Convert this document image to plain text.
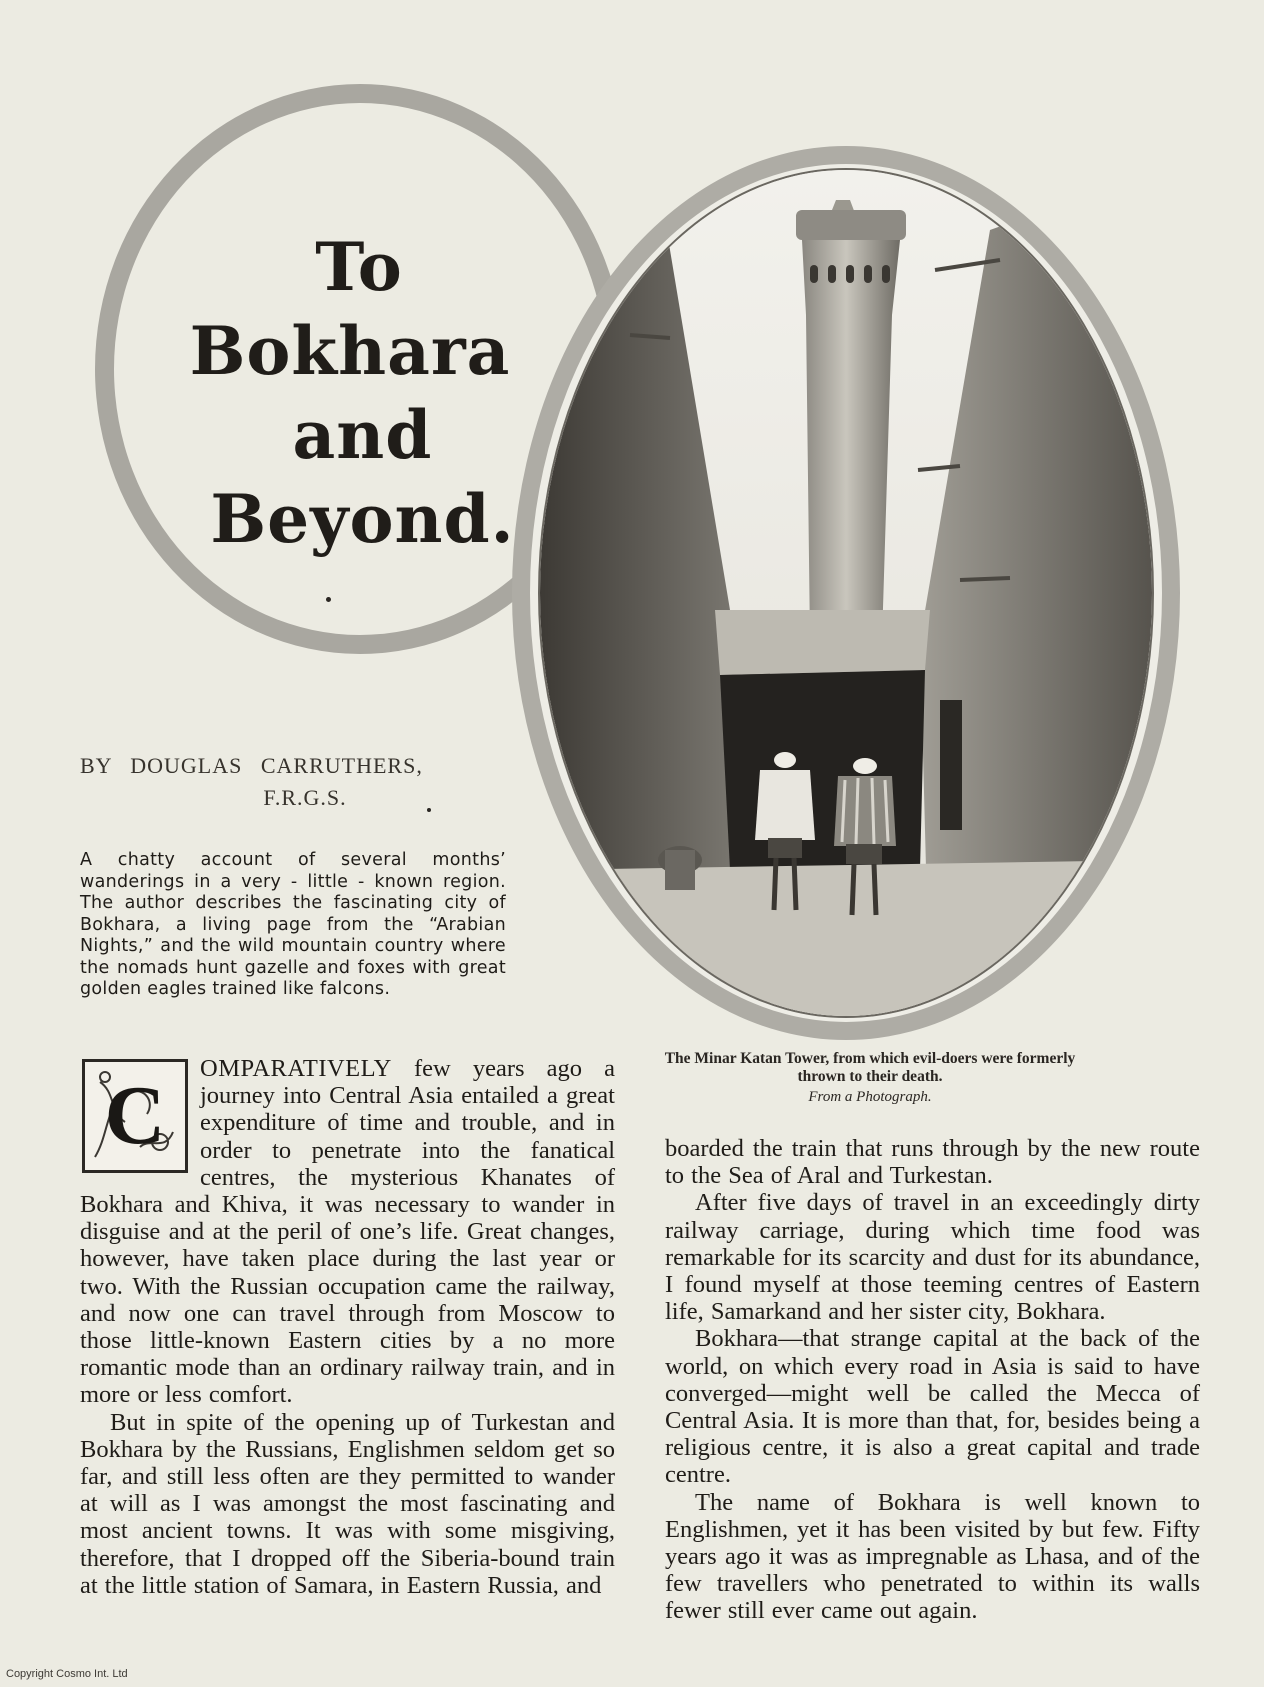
To
Bokhara
and
Beyond.
The Minar Katan Tower, from which evil-doers were formerly thrown to their death.
From a Photograph.
BY DOUGLAS CARRUTHERS,
F.R.G.S.
A chatty account of several months’ wanderings in a very - little - known region. The author describes the fascinating city of Bokhara, a living page from the “Arabian Nights,” and the wild mountain country where the nomads hunt gazelle and foxes with great golden eagles trained like falcons.

C
OMPARATIVELY few years ago a journey into Central Asia entailed a great expenditure of time and trouble, and in order to penetrate into the fanatical centres, the mysterious Khanates of Bokhara and Khiva, it was necessary to wander in disguise and at the peril of one’s life. Great changes, however, have taken place during the last year or two. With the Russian occupation came the railway, and now one can travel through from Moscow to those little-known Eastern cities by a no more romantic mode than an ordinary railway train, and in more or less comfort.

But in spite of the opening up of Turkestan and Bokhara by the Russians, Englishmen seldom get so far, and still less often are they permitted to wander at will as I was amongst the most fascinating and most ancient towns. It was with some misgiving, therefore, that I dropped off the Siberia-bound train at the little station of Samara, in Eastern Russia, and

boarded the train that runs through by the new route to the Sea of Aral and Turkestan.

After five days of travel in an exceedingly dirty railway carriage, during which time food was remarkable for its scarcity and dust for its abundance, I found myself at those teeming centres of Eastern life, Samarkand and her sister city, Bokhara.

Bokhara—that strange capital at the back of the world, on which every road in Asia is said to have converged—might well be called the Mecca of Central Asia. It is more than that, for, besides being a religious centre, it is also a great capital and trade centre.

The name of Bokhara is well known to Englishmen, yet it has been visited by but few. Fifty years ago it was as impregnable as Lhasa, and of the few travellers who penetrated to within its walls fewer still ever came out again.

Copyright Cosmo Int. Ltd
